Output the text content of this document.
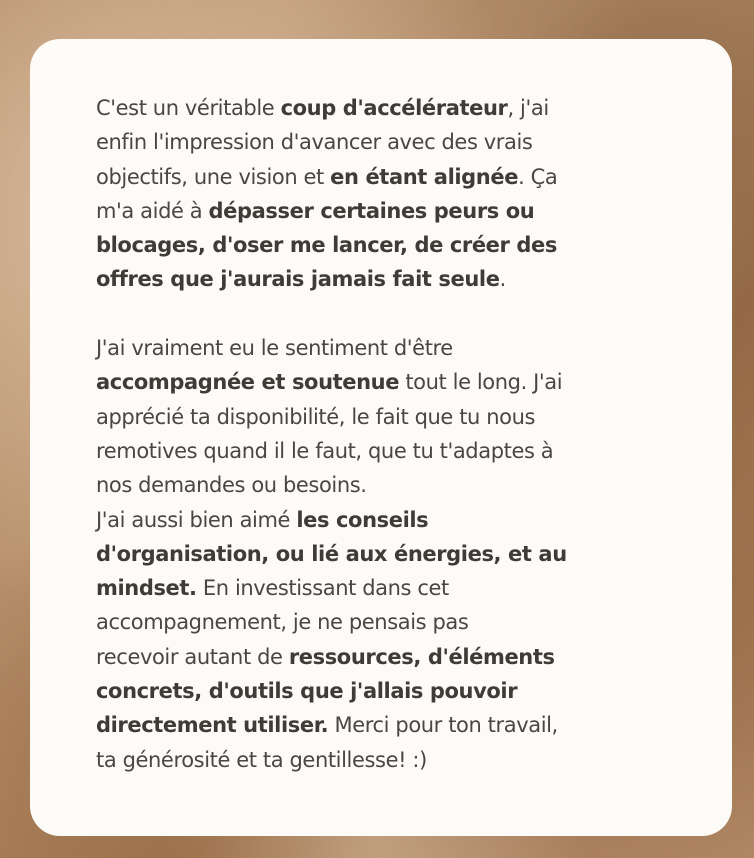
C'est un véritable coup d'accélérateur, j'ai
enfin l'impression d'avancer avec des vrais
objectifs, une vision et en étant alignée. Ça
m'a aidé à dépasser certaines peurs ou
blocages, d'oser me lancer, de créer des
offres que j'aurais jamais fait seule.
J'ai vraiment eu le sentiment d'être
accompagnée et soutenue tout le long. J'ai
apprécié ta disponibilité, le fait que tu nous
remotives quand il le faut, que tu t'adaptes à
nos demandes ou besoins.
J'ai aussi bien aimé les conseils
d'organisation, ou lié aux énergies, et au
mindset. En investissant dans cet
accompagnement, je ne pensais pas
recevoir autant de ressources, d'éléments
concrets, d'outils que j'allais pouvoir
directement utiliser. Merci pour ton travail,
ta générosité et ta gentillesse! :)
